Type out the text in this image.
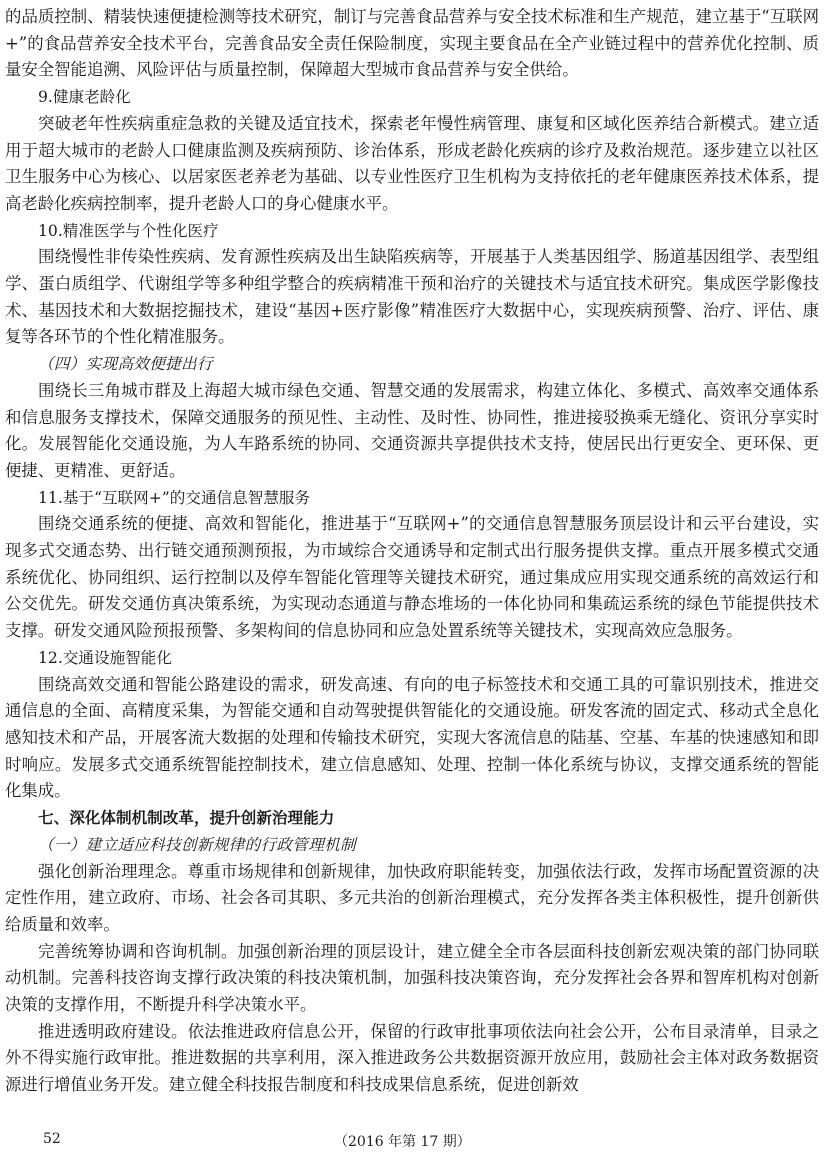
的品质控制、精装快速便捷检测等技术研究，制订与完善食品营养与安全技术标准和生产规范，建立基于“互联网+”的食品营养安全技术平台，完善食品安全责任保险制度，实现主要食品在全产业链过程中的营养优化控制、质量安全智能追溯、风险评估与质量控制，保障超大型城市食品营养与安全供给。

9.健康老龄化

突破老年性疾病重症急救的关键及适宜技术，探索老年慢性病管理、康复和区域化医养结合新模式。建立适用于超大城市的老龄人口健康监测及疾病预防、诊治体系，形成老龄化疾病的诊疗及救治规范。逐步建立以社区卫生服务中心为核心、以居家医老养老为基础、以专业性医疗卫生机构为支持依托的老年健康医养技术体系，提高老龄化疾病控制率，提升老龄人口的身心健康水平。

10.精准医学与个性化医疗

围绕慢性非传染性疾病、发育源性疾病及出生缺陷疾病等，开展基于人类基因组学、肠道基因组学、表型组学、蛋白质组学、代谢组学等多种组学整合的疾病精准干预和治疗的关键技术与适宜技术研究。集成医学影像技术、基因技术和大数据挖掘技术，建设“基因+医疗影像”精准医疗大数据中心，实现疾病预警、治疗、评估、康复等各环节的个性化精准服务。

（四）实现高效便捷出行

围绕长三角城市群及上海超大城市绿色交通、智慧交通的发展需求，构建立体化、多模式、高效率交通体系和信息服务支撑技术，保障交通服务的预见性、主动性、及时性、协同性，推进接驳换乘无缝化、资讯分享实时化。发展智能化交通设施，为人车路系统的协同、交通资源共享提供技术支持，使居民出行更安全、更环保、更便捷、更精准、更舒适。

11.基于“互联网+”的交通信息智慧服务

围绕交通系统的便捷、高效和智能化，推进基于“互联网+”的交通信息智慧服务顶层设计和云平台建设，实现多式交通态势、出行链交通预测预报，为市域综合交通诱导和定制式出行服务提供支撑。重点开展多模式交通系统优化、协同组织、运行控制以及停车智能化管理等关键技术研究，通过集成应用实现交通系统的高效运行和公交优先。研发交通仿真决策系统，为实现动态通道与静态堆场的一体化协同和集疏运系统的绿色节能提供技术支撑。研发交通风险预报预警、多架构间的信息协同和应急处置系统等关键技术，实现高效应急服务。

12.交通设施智能化

围绕高效交通和智能公路建设的需求，研发高速、有向的电子标签技术和交通工具的可靠识别技术，推进交通信息的全面、高精度采集，为智能交通和自动驾驶提供智能化的交通设施。研发客流的固定式、移动式全息化感知技术和产品，开展客流大数据的处理和传输技术研究，实现大客流信息的陆基、空基、车基的快速感知和即时响应。发展多式交通系统智能控制技术，建立信息感知、处理、控制一体化系统与协议，支撑交通系统的智能化集成。

七、深化体制机制改革，提升创新治理能力

（一）建立适应科技创新规律的行政管理机制

强化创新治理理念。尊重市场规律和创新规律，加快政府职能转变，加强依法行政，发挥市场配置资源的决定性作用，建立政府、市场、社会各司其职、多元共治的创新治理模式，充分发挥各类主体积极性，提升创新供给质量和效率。

完善统筹协调和咨询机制。加强创新治理的顶层设计，建立健全全市各层面科技创新宏观决策的部门协同联动机制。完善科技咨询支撑行政决策的科技决策机制，加强科技决策咨询，充分发挥社会各界和智库机构对创新决策的支撑作用，不断提升科学决策水平。

推进透明政府建设。依法推进政府信息公开，保留的行政审批事项依法向社会公开，公布目录清单，目录之外不得实施行政审批。推进数据的共享利用，深入推进政务公共数据资源开放应用，鼓励社会主体对政务数据资源进行增值业务开发。建立健全科技报告制度和科技成果信息系统，促进创新效

52	（2016 年第 17 期）
